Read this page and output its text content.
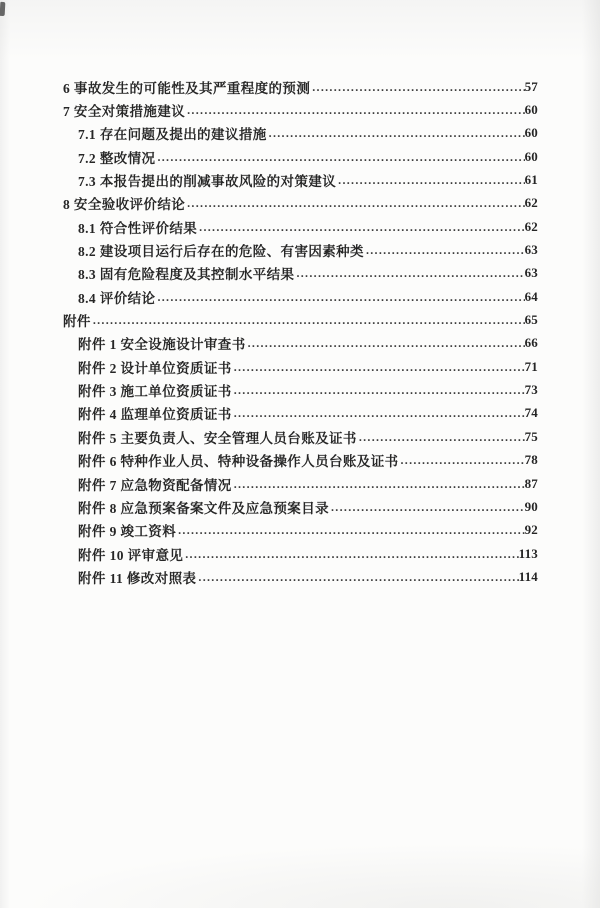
6 事故发生的可能性及其严重程度的预测 .....	57
7 安全对策措施建议 .....	60
7.1 存在问题及提出的建议措施 .....	60
7.2 整改情况 .....	60
7.3 本报告提出的削减事故风险的对策建议 .....	61
8 安全验收评价结论 .....	62
8.1 符合性评价结果 .....	62
8.2 建设项目运行后存在的危险、有害因素种类 .....	63
8.3 固有危险程度及其控制水平结果 .....	63
8.4 评价结论 .....	64
附件 .....	65
附件 1 安全设施设计审查书 .....	66
附件 2 设计单位资质证书 .....	71
附件 3 施工单位资质证书 .....	73
附件 4 监理单位资质证书 .....	74
附件 5 主要负责人、安全管理人员台账及证书 .....	75
附件 6 特种作业人员、特种设备操作人员台账及证书 .....	78
附件 7 应急物资配备情况 .....	87
附件 8 应急预案备案文件及应急预案目录 .....	90
附件 9 竣工资料 .....	92
附件 10 评审意见 .....	113
附件 11 修改对照表 .....	114
